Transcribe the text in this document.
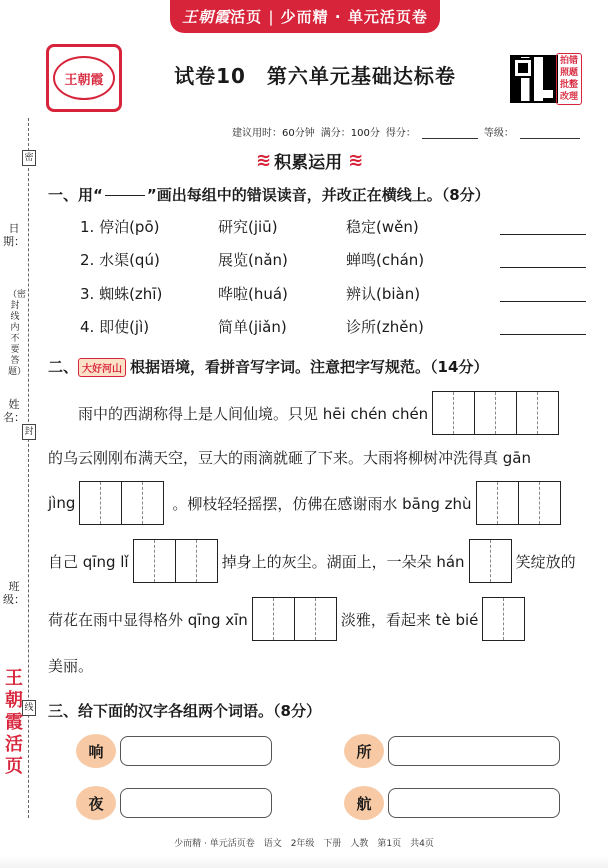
王朝霞 活页 | 少而精 · 单元活页卷
王朝霞	试卷10　第六单元基础达标卷
拍错照题批整改理
建议用时：60分钟 满分：100分 得分：	等级：
≋ 积累运用 ≋
密
日期：
（密封线内不要答题）
封
姓名：
班级：
线
王朝霞活页
一、用“	”画出每组中的错误读音，并改正在横线上。（8分）
1. 停泊(pō)	研究(jiū)	稳定(wěn)
2. 水渠(qú)	展览(nǎn)	蝉鸣(chán)
3. 蜘蛛(zhī)	哗啦(huá)	辨认(biàn)
4. 即使(jì)	简单(jiǎn)	诊所(zhěn)
二、 大好河山 根据语境，看拼音写字词。注意把字写规范。（14分）
雨中的西湖称得上是人间仙境。只见 hēi chén chén
的乌云刚刚布满天空，豆大的雨滴就砸了下来。大雨将柳树冲洗得真 gān
jìng	。柳枝轻轻摇摆，仿佛在感谢雨水 bāng zhù
自己 qīng lǐ	掉身上的灰尘。湖面上，一朵朵 hán	笑绽放的
荷花在雨中显得格外 qīng xīn	淡雅，看起来 tè bié
美丽。
三、给下面的汉字各组两个词语。（8分）
响	所
夜	航
少而精 · 单元活页卷　语文　2年级　下册　人教　第1页　共4页
